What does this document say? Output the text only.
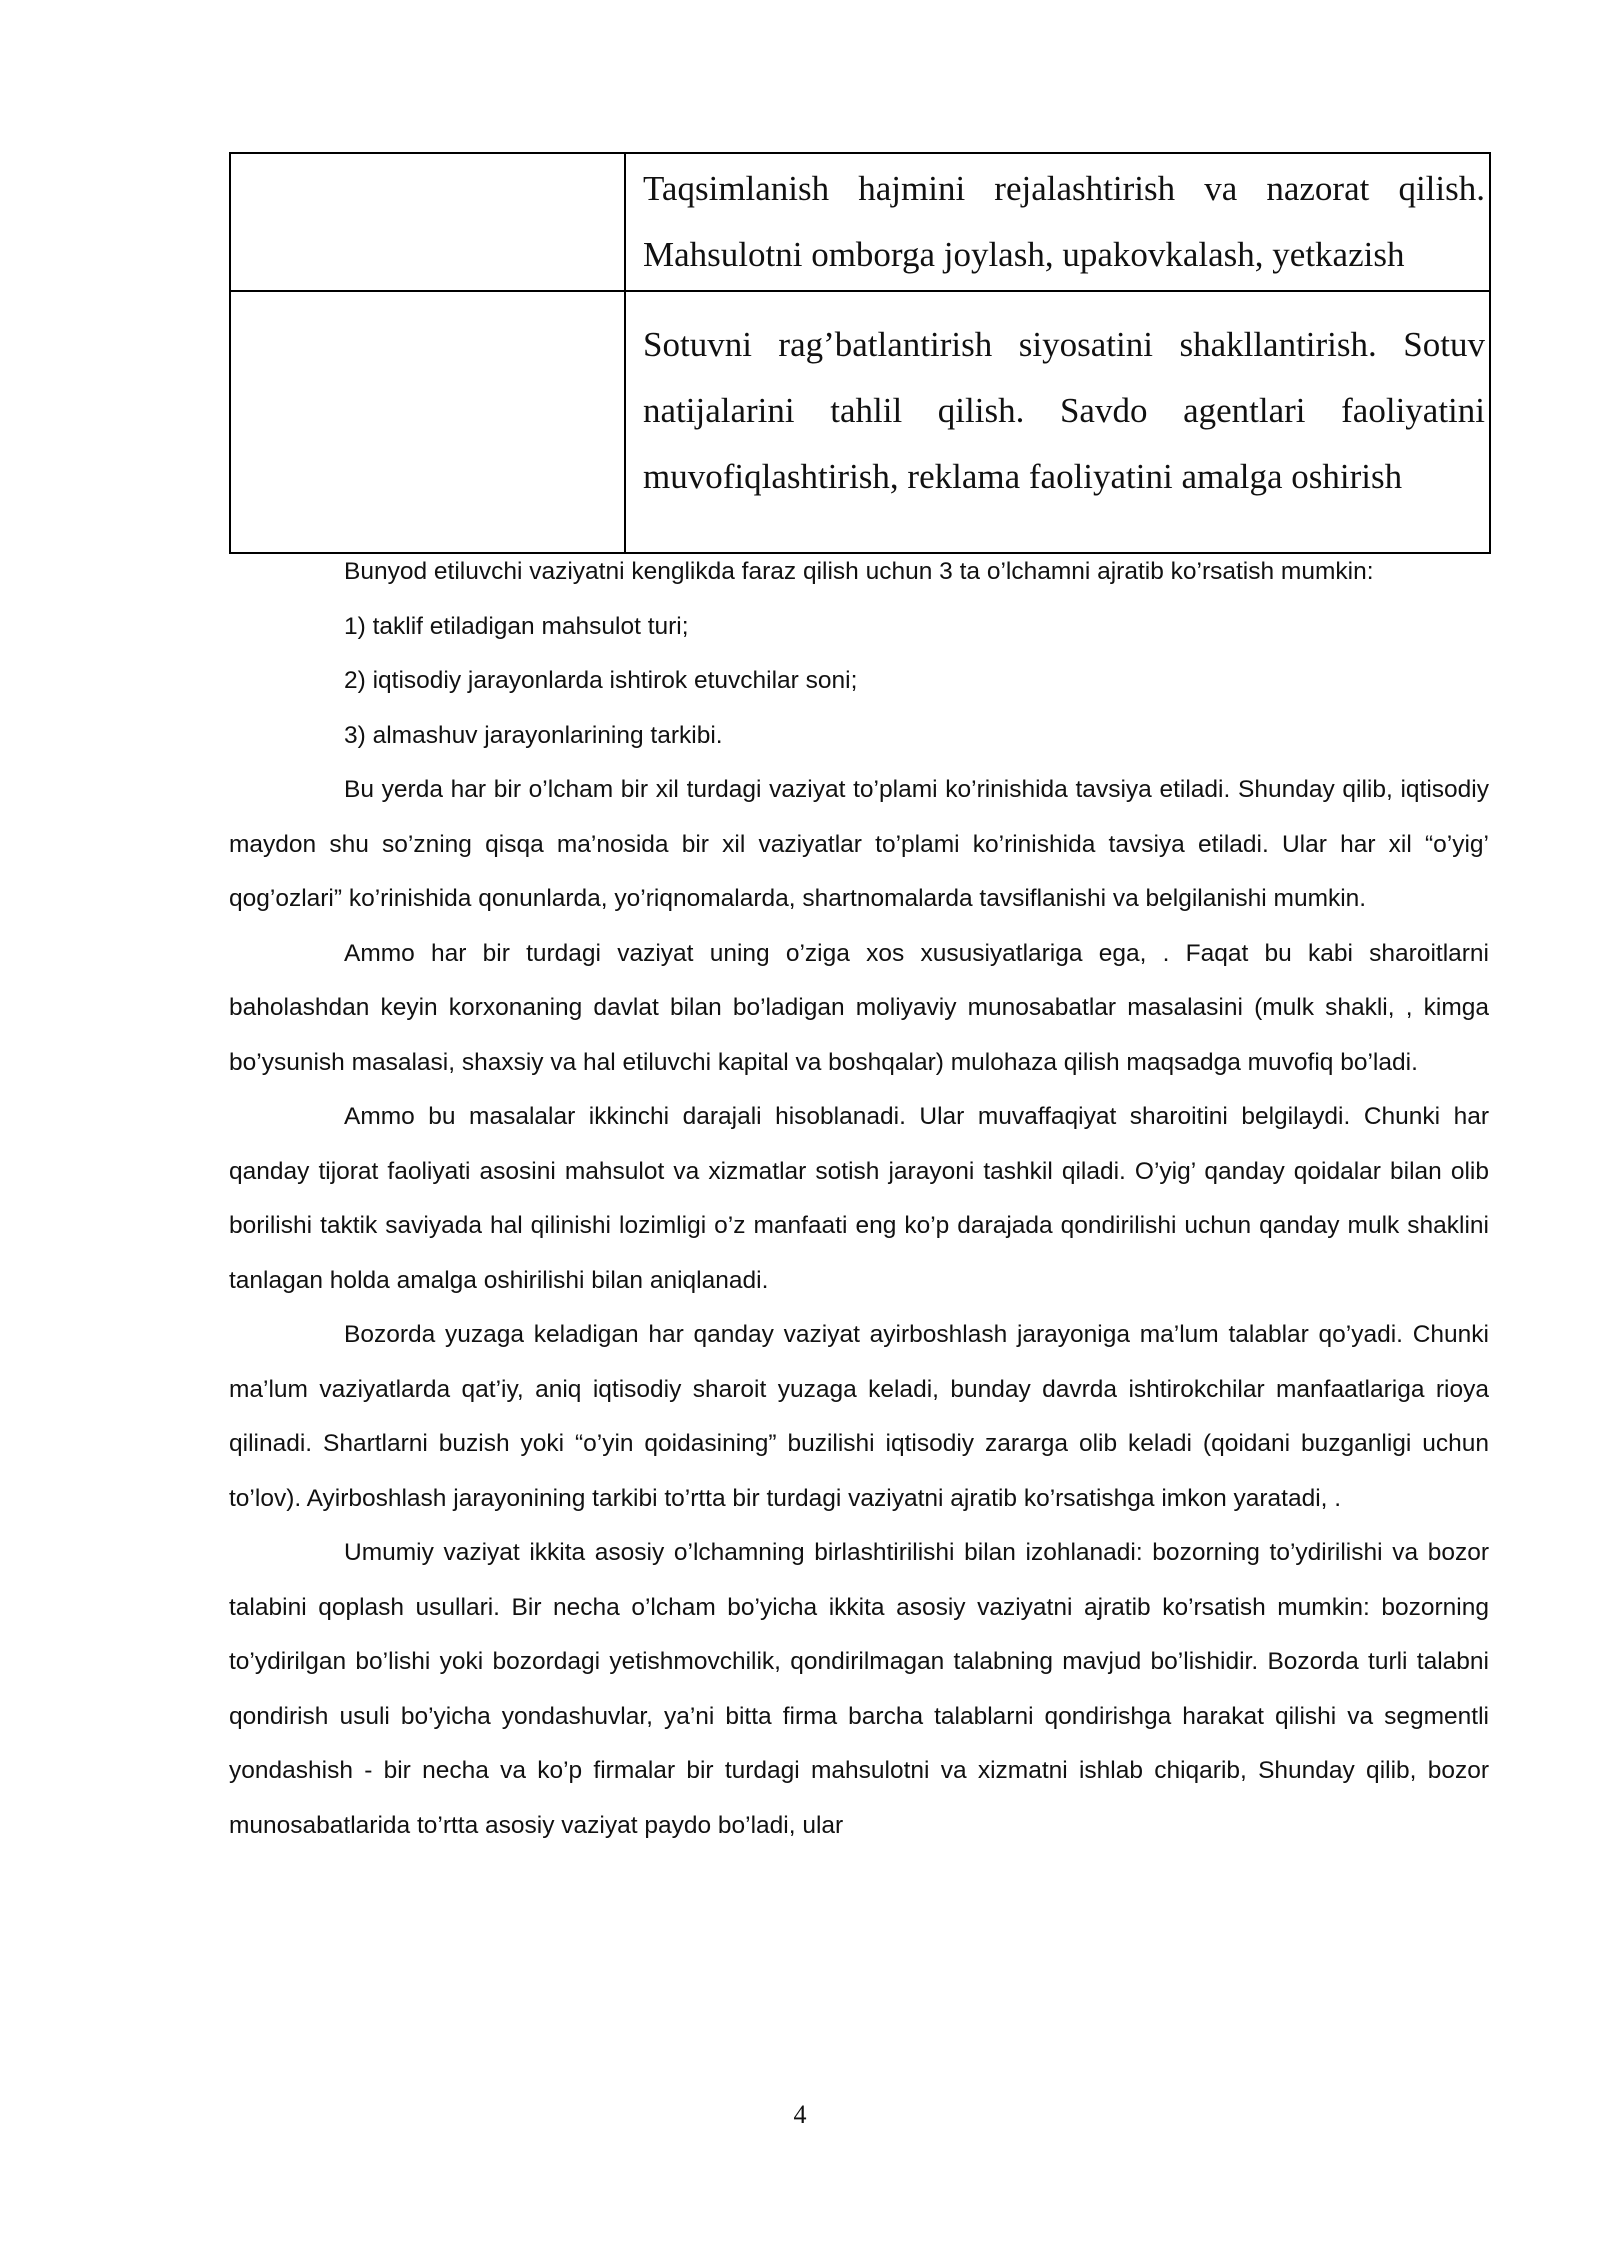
	Taqsimlanish hajmini rejalashtirish va nazorat qilish. Mahsulotni omborga joylash, upakovkalash, yetkazish

	Sotuvni rag’batlantirish siyosatini shakllantirish. Sotuv natijalarini tahlil qilish. Savdo agentlari faoliyatini muvofiqlashtirish, reklama faoliyatini amalga oshirish

Bunyod etiluvchi vaziyatni kenglikda faraz qilish uchun 3 ta o’lchamni ajratib ko’rsatish mumkin:

1) taklif etiladigan mahsulot turi;

2) iqtisodiy jarayonlarda ishtirok etuvchilar soni;

3) almashuv jarayonlarining tarkibi.

Bu yerda har bir o’lcham bir xil turdagi vaziyat to’plami ko’rinishida tavsiya etiladi. Shunday qilib, iqtisodiy maydon shu so’zning qisqa ma’nosida bir xil vaziyatlar to’plami ko’rinishida tavsiya etiladi. Ular har xil “o’yig’ qog’ozlari” ko’rinishida qonunlarda, yo’riqnomalarda, shartnomalarda tavsiflanishi va belgilanishi mumkin.

Ammo har bir turdagi vaziyat uning o’ziga xos xususiyatlariga ega, . Faqat bu kabi sharoitlarni baholashdan keyin korxonaning davlat bilan bo’ladigan moliyaviy munosabatlar masalasini (mulk shakli, , kimga bo’ysunish masalasi, shaxsiy va hal etiluvchi kapital va boshqalar) mulohaza qilish maqsadga muvofiq bo’ladi.

Ammo bu masalalar ikkinchi darajali hisoblanadi. Ular muvaffaqiyat sharoitini belgilaydi. Chunki har qanday tijorat faoliyati asosini mahsulot va xizmatlar sotish jarayoni tashkil qiladi. O’yig’ qanday qoidalar bilan olib borilishi taktik saviyada hal qilinishi lozimligi o’z manfaati eng ko’p darajada qondirilishi uchun qanday mulk shaklini tanlagan holda amalga oshirilishi bilan aniqlanadi.

Bozorda yuzaga keladigan har qanday vaziyat ayirboshlash jarayoniga ma’lum talablar qo’yadi. Chunki ma’lum vaziyatlarda qat’iy, aniq iqtisodiy sharoit yuzaga keladi, bunday davrda ishtirokchilar manfaatlariga rioya qilinadi. Shartlarni buzish yoki “o’yin qoidasining” buzilishi iqtisodiy zararga olib keladi (qoidani buzganligi uchun to’lov). Ayirboshlash jarayonining tarkibi to’rtta bir turdagi vaziyatni ajratib ko’rsatishga imkon yaratadi, .

Umumiy vaziyat ikkita asosiy o’lchamning birlashtirilishi bilan izohlanadi: bozorning to’ydirilishi va bozor talabini qoplash usullari. Bir necha o’lcham bo’yicha ikkita asosiy vaziyatni ajratib ko’rsatish mumkin: bozorning to’ydirilgan bo’lishi yoki bozordagi yetishmovchilik, qondirilmagan talabning mavjud bo’lishidir. Bozorda turli talabni qondirish usuli bo’yicha yondashuvlar, ya’ni bitta firma barcha talablarni qondirishga harakat qilishi va segmentli yondashish - bir necha va ko’p firmalar bir turdagi mahsulotni va xizmatni ishlab chiqarib, Shunday qilib, bozor munosabatlarida to’rtta asosiy vaziyat paydo bo’ladi, ular

4
